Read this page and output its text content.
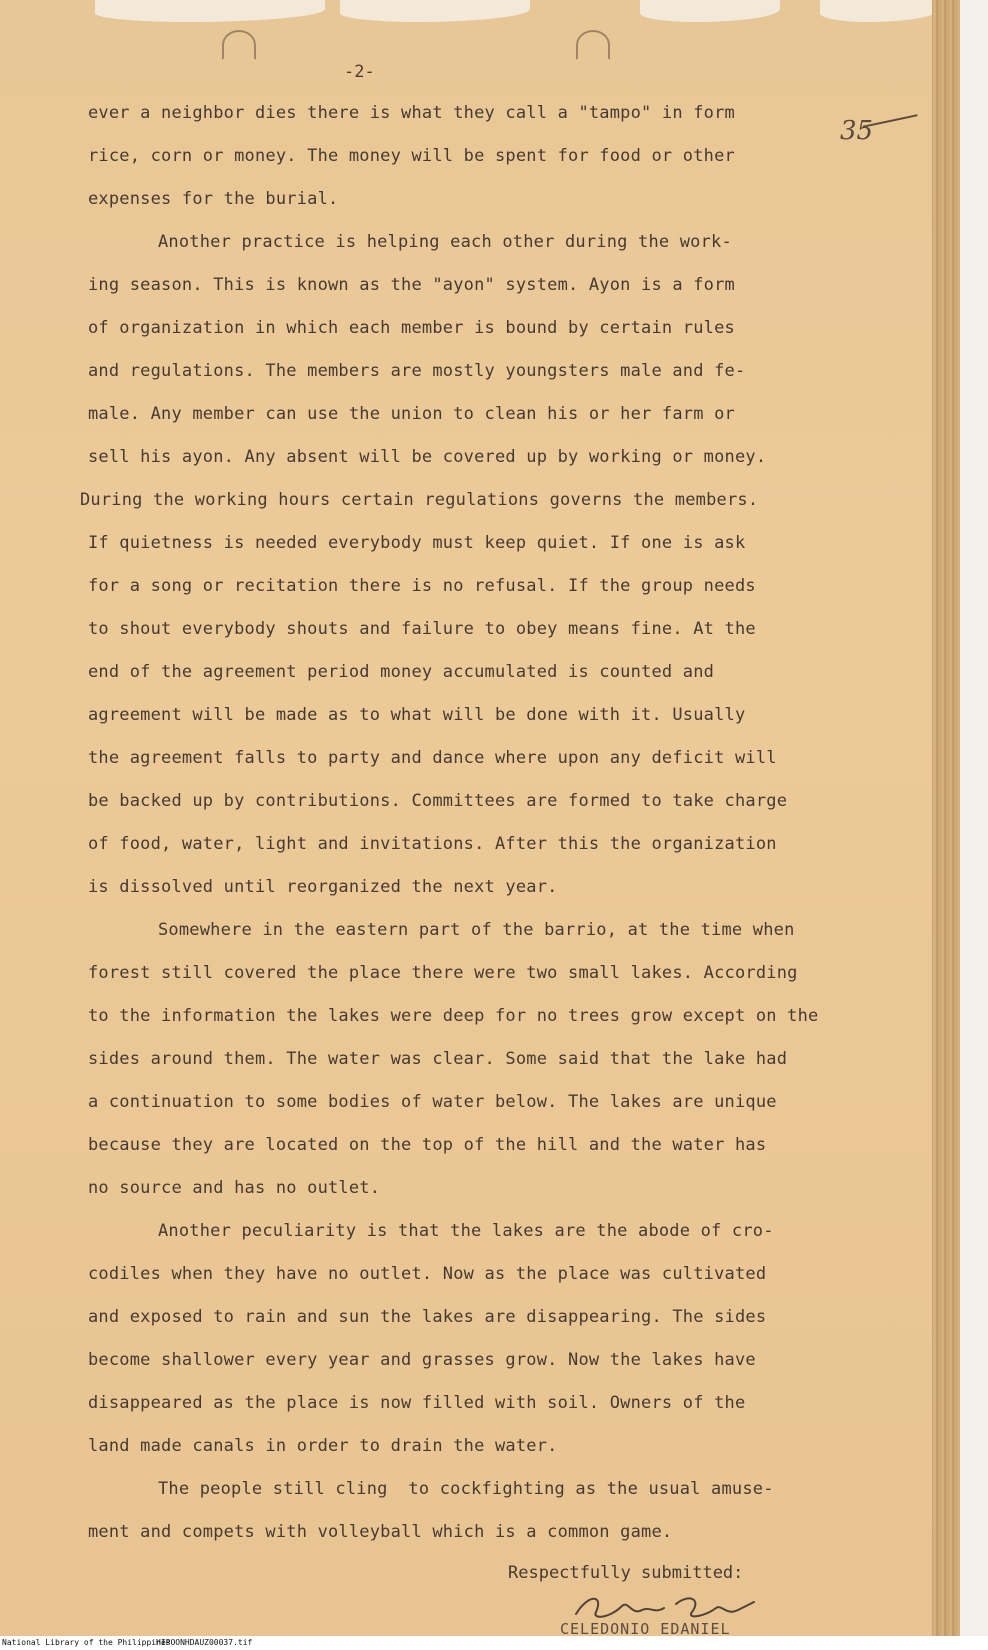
-2-
35
ever a neighbor dies there is what they call a "tampo" in form
rice, corn or money. The money will be spent for food or other
expenses for the burial.
Another practice is helping each other during the work-
ing season. This is known as the "ayon" system. Ayon is a form
of organization in which each member is bound by certain rules
and regulations. The members are mostly youngsters male and fe-
male. Any member can use the union to clean his or her farm or
sell his ayon. Any absent will be covered up by working or money.
During the working hours certain regulations governs the members.
If quietness is needed everybody must keep quiet. If one is ask
for a song or recitation there is no refusal. If the group needs
to shout everybody shouts and failure to obey means fine. At the
end of the agreement period money accumulated is counted and
agreement will be made as to what will be done with it. Usually
the agreement falls to party and dance where upon any deficit will
be backed up by contributions. Committees are formed to take charge
of food, water, light and invitations. After this the organization
is dissolved until reorganized the next year.
Somewhere in the eastern part of the barrio, at the time when
forest still covered the place there were two small lakes. According
to the information the lakes were deep for no trees grow except on the
sides around them. The water was clear. Some said that the lake had
a continuation to some bodies of water below. The lakes are unique
because they are located on the top of the hill and the water has
no source and has no outlet.
Another peculiarity is that the lakes are the abode of cro-
codiles when they have no outlet. Now as the place was cultivated
and exposed to rain and sun the lakes are disappearing. The sides
become shallower every year and grasses grow. Now the lakes have
disappeared as the place is now filled with soil. Owners of the
land made canals in order to drain the water.
The people still cling  to cockfighting as the usual amuse-
ment and compets with volleyball which is a common game.
Respectfully submitted:
CELEDONIO EDANIEL
National Library of the Philippines
HIPOONHDAUZ00037.tif
